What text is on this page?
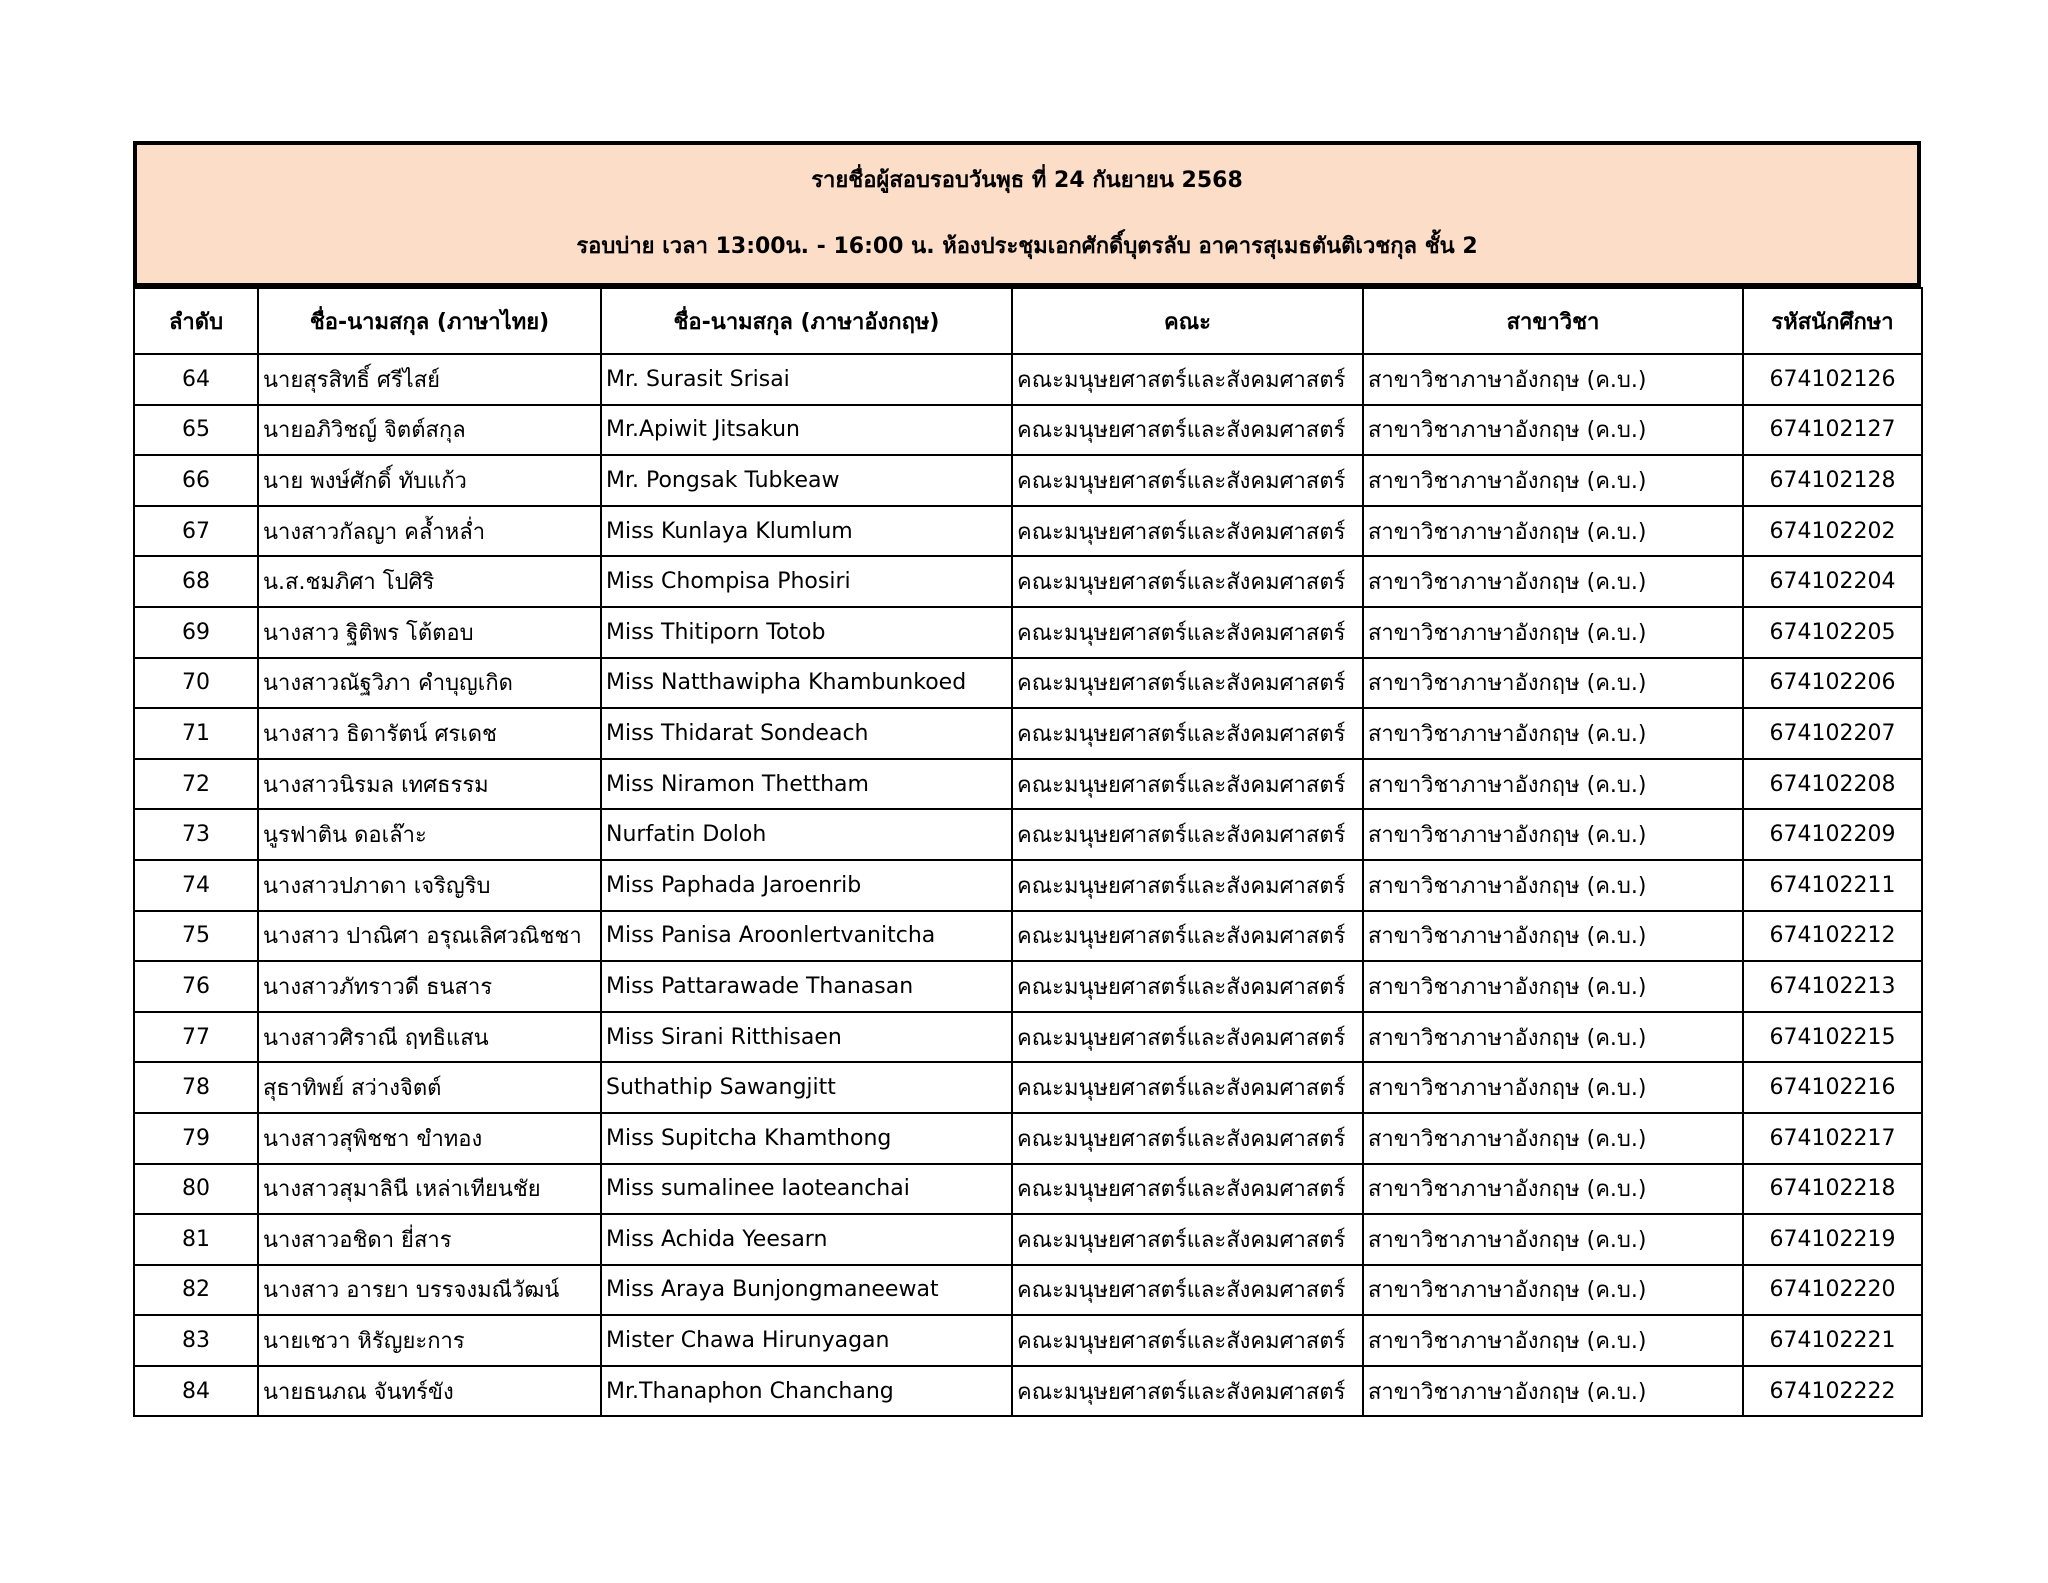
รายชื่อผู้สอบรอบวันพุธ ที่ 24 กันยายน 2568
รอบบ่าย เวลา 13:00น. - 16:00 น. ห้องประชุมเอกศักดิ์บุตรลับ อาคารสุเมธตันติเวชกุล ชั้น 2
ลำดับ	ชื่อ-นามสกุล (ภาษาไทย)	ชื่อ-นามสกุล (ภาษาอังกฤษ)	คณะ	สาขาวิชา	รหัสนักศึกษา
64	นายสุรสิทธิ์ ศรีไสย์	Mr. Surasit Srisai	คณะมนุษยศาสตร์และสังคมศาสตร์	สาขาวิชาภาษาอังกฤษ (ค.บ.)	674102126
65	นายอภิวิชญ์ จิตต์สกุล	Mr.Apiwit Jitsakun	คณะมนุษยศาสตร์และสังคมศาสตร์	สาขาวิชาภาษาอังกฤษ (ค.บ.)	674102127
66	นาย พงษ์ศักดิ์ ทับแก้ว	Mr. Pongsak Tubkeaw	คณะมนุษยศาสตร์และสังคมศาสตร์	สาขาวิชาภาษาอังกฤษ (ค.บ.)	674102128
67	นางสาวกัลญา คล้ำหล่ำ	Miss Kunlaya Klumlum	คณะมนุษยศาสตร์และสังคมศาสตร์	สาขาวิชาภาษาอังกฤษ (ค.บ.)	674102202
68	น.ส.ชมภิศา โปศิริ	Miss Chompisa Phosiri	คณะมนุษยศาสตร์และสังคมศาสตร์	สาขาวิชาภาษาอังกฤษ (ค.บ.)	674102204
69	นางสาว ฐิติพร โต้ตอบ	Miss Thitiporn Totob	คณะมนุษยศาสตร์และสังคมศาสตร์	สาขาวิชาภาษาอังกฤษ (ค.บ.)	674102205
70	นางสาวณัฐวิภา คำบุญเกิด	Miss Natthawipha Khambunkoed	คณะมนุษยศาสตร์และสังคมศาสตร์	สาขาวิชาภาษาอังกฤษ (ค.บ.)	674102206
71	นางสาว ธิดารัตน์ ศรเดช	Miss Thidarat Sondeach	คณะมนุษยศาสตร์และสังคมศาสตร์	สาขาวิชาภาษาอังกฤษ (ค.บ.)	674102207
72	นางสาวนิรมล เทศธรรม	Miss Niramon Thettham	คณะมนุษยศาสตร์และสังคมศาสตร์	สาขาวิชาภาษาอังกฤษ (ค.บ.)	674102208
73	นูรฟาติน ดอเล๊าะ	Nurfatin Doloh	คณะมนุษยศาสตร์และสังคมศาสตร์	สาขาวิชาภาษาอังกฤษ (ค.บ.)	674102209
74	นางสาวปภาดา เจริญริบ	Miss Paphada Jaroenrib	คณะมนุษยศาสตร์และสังคมศาสตร์	สาขาวิชาภาษาอังกฤษ (ค.บ.)	674102211
75	นางสาว ปาณิศา อรุณเลิศวณิชชา	Miss Panisa Aroonlertvanitcha	คณะมนุษยศาสตร์และสังคมศาสตร์	สาขาวิชาภาษาอังกฤษ (ค.บ.)	674102212
76	นางสาวภัทราวดี ธนสาร	Miss Pattarawade Thanasan	คณะมนุษยศาสตร์และสังคมศาสตร์	สาขาวิชาภาษาอังกฤษ (ค.บ.)	674102213
77	นางสาวศิราณี ฤทธิแสน	Miss Sirani Ritthisaen	คณะมนุษยศาสตร์และสังคมศาสตร์	สาขาวิชาภาษาอังกฤษ (ค.บ.)	674102215
78	สุธาทิพย์ สว่างจิตต์	Suthathip Sawangjitt	คณะมนุษยศาสตร์และสังคมศาสตร์	สาขาวิชาภาษาอังกฤษ (ค.บ.)	674102216
79	นางสาวสุพิชชา ขำทอง	Miss Supitcha Khamthong	คณะมนุษยศาสตร์และสังคมศาสตร์	สาขาวิชาภาษาอังกฤษ (ค.บ.)	674102217
80	นางสาวสุมาลินี เหล่าเทียนชัย	Miss sumalinee laoteanchai	คณะมนุษยศาสตร์และสังคมศาสตร์	สาขาวิชาภาษาอังกฤษ (ค.บ.)	674102218
81	นางสาวอชิดา ยี่สาร	Miss Achida Yeesarn	คณะมนุษยศาสตร์และสังคมศาสตร์	สาขาวิชาภาษาอังกฤษ (ค.บ.)	674102219
82	นางสาว อารยา บรรจงมณีวัฒน์	Miss Araya Bunjongmaneewat	คณะมนุษยศาสตร์และสังคมศาสตร์	สาขาวิชาภาษาอังกฤษ (ค.บ.)	674102220
83	นายเชวา หิรัญยะการ	Mister Chawa Hirunyagan	คณะมนุษยศาสตร์และสังคมศาสตร์	สาขาวิชาภาษาอังกฤษ (ค.บ.)	674102221
84	นายธนภณ จันทร์ขัง	Mr.Thanaphon Chanchang	คณะมนุษยศาสตร์และสังคมศาสตร์	สาขาวิชาภาษาอังกฤษ (ค.บ.)	674102222
